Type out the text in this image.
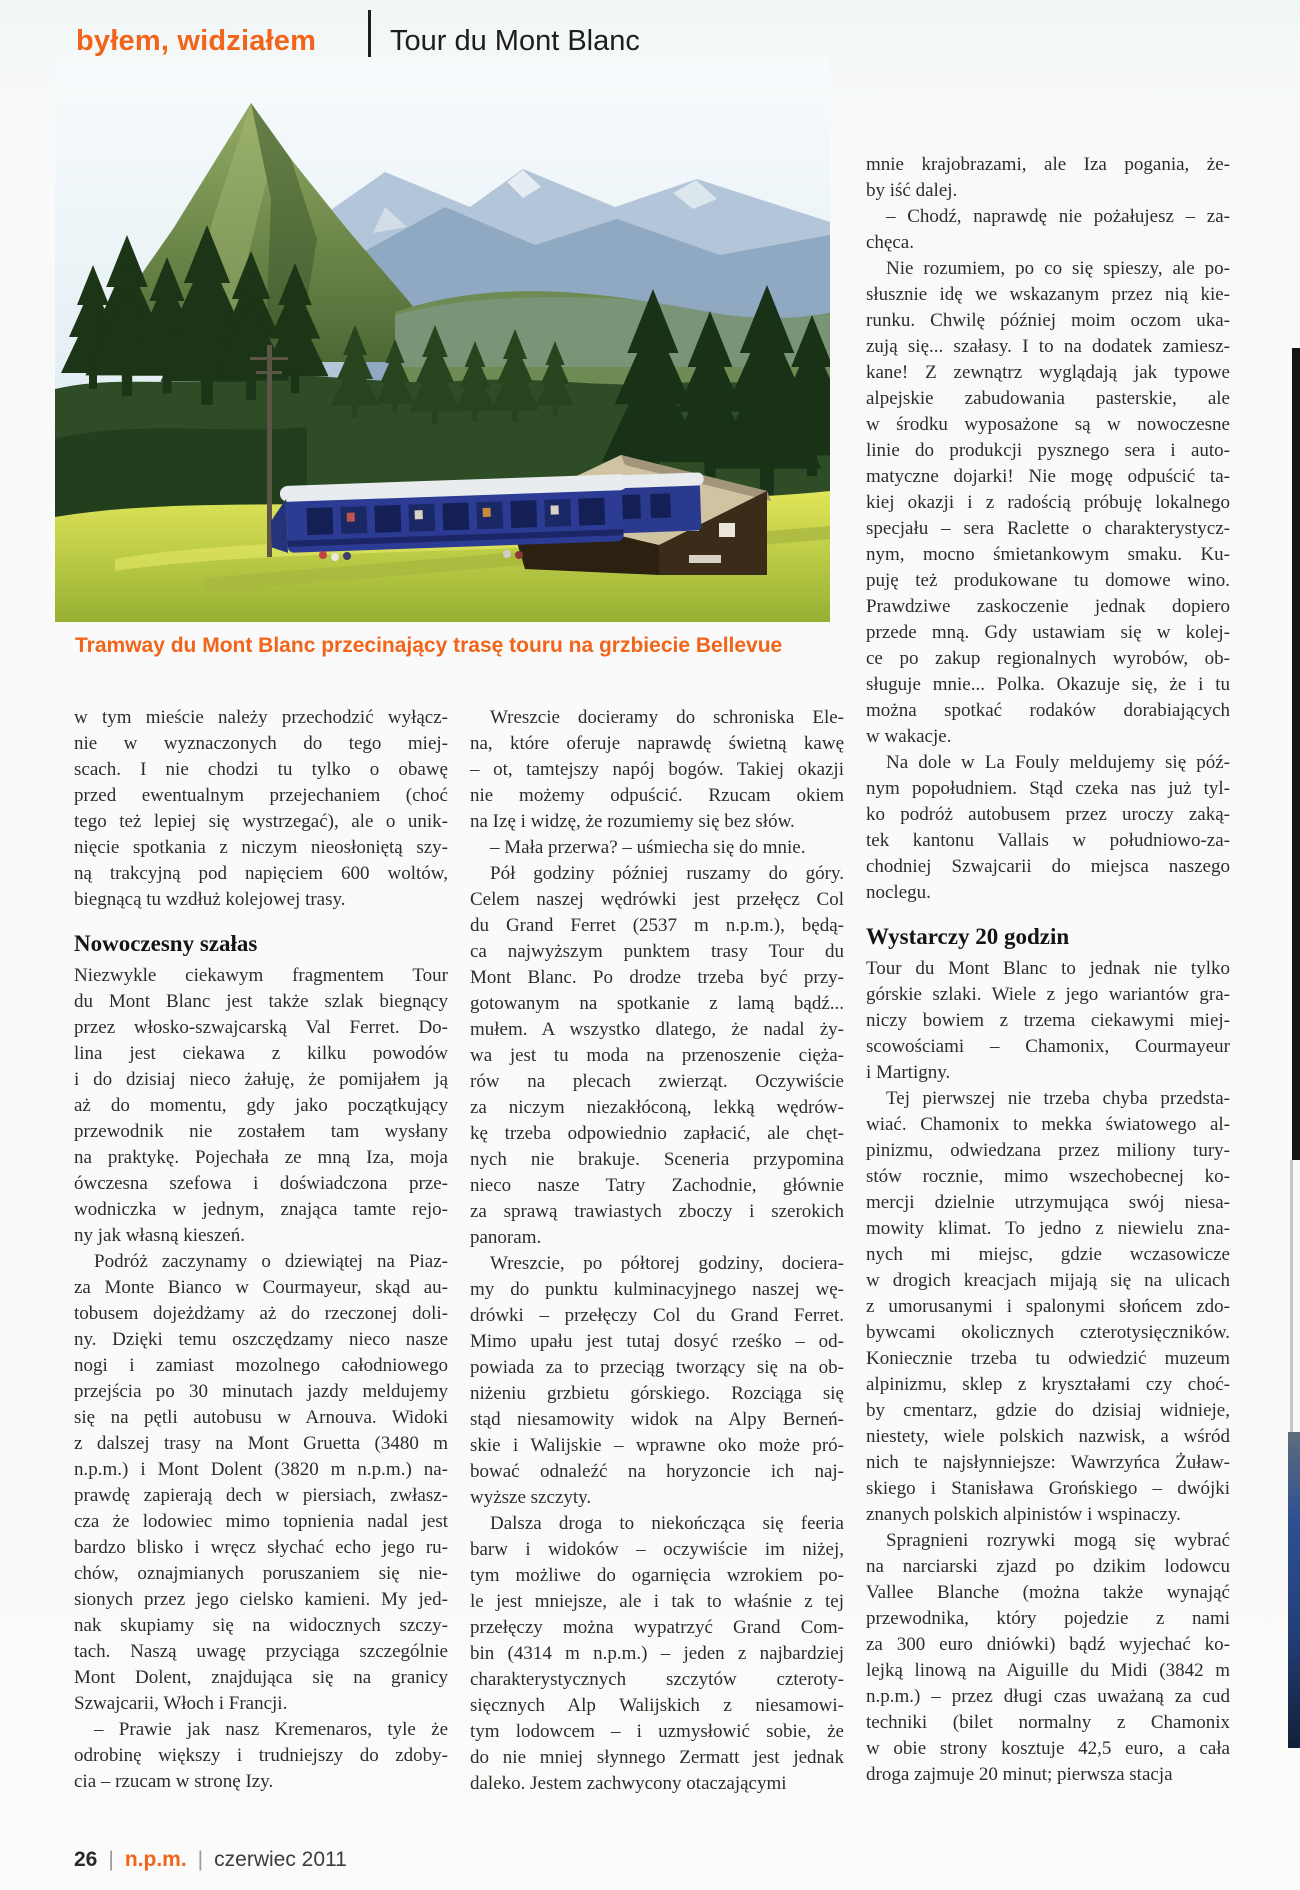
byłem, widziałem	Tour du Mont Blanc
Tramway du Mont Blanc przecinający trasę touru na grzbiecie Bellevue
w tym mieście należy przechodzić wyłącz-
nie w wyznaczonych do tego miej-
scach. I nie chodzi tu tylko o obawę
przed ewentualnym przejechaniem (choć
tego też lepiej się wystrzegać), ale o unik-
nięcie spotkania z niczym nieosłoniętą szy-
ną trakcyjną pod napięciem 600 woltów,
biegnącą tu wzdłuż kolejowej trasy.
Nowoczesny szałas
Niezwykle ciekawym fragmentem Tour
du Mont Blanc jest także szlak biegnący
przez włosko-szwajcarską Val Ferret. Do-
lina jest ciekawa z kilku powodów
i do dzisiaj nieco żałuję, że pomijałem ją
aż do momentu, gdy jako początkujący
przewodnik nie zostałem tam wysłany
na praktykę. Pojechała ze mną Iza, moja
ówczesna szefowa i doświadczona prze-
wodniczka w jednym, znająca tamte rejo-
ny jak własną kieszeń.
Podróż zaczynamy o dziewiątej na Piaz-
za Monte Bianco w Courmayeur, skąd au-
tobusem dojeżdżamy aż do rzeczonej doli-
ny. Dzięki temu oszczędzamy nieco nasze
nogi i zamiast mozolnego całodniowego
przejścia po 30 minutach jazdy meldujemy
się na pętli autobusu w Arnouva. Widoki
z dalszej trasy na Mont Gruetta (3480 m
n.p.m.) i Mont Dolent (3820 m n.p.m.) na-
prawdę zapierają dech w piersiach, zwłasz-
cza że lodowiec mimo topnienia nadal jest
bardzo blisko i wręcz słychać echo jego ru-
chów, oznajmianych poruszaniem się nie-
sionych przez jego cielsko kamieni. My jed-
nak skupiamy się na widocznych szczy-
tach. Naszą uwagę przyciąga szczególnie
Mont Dolent, znajdująca się na granicy
Szwajcarii, Włoch i Francji.
– Prawie jak nasz Kremenaros, tyle że
odrobinę większy i trudniejszy do zdoby-
cia – rzucam w stronę Izy.
Wreszcie docieramy do schroniska Ele-
na, które oferuje naprawdę świetną kawę
– ot, tamtejszy napój bogów. Takiej okazji
nie możemy odpuścić. Rzucam okiem
na Izę i widzę, że rozumiemy się bez słów.
– Mała przerwa? – uśmiecha się do mnie.
Pół godziny później ruszamy do góry.
Celem naszej wędrówki jest przełęcz Col
du Grand Ferret (2537 m n.p.m.), będą-
ca najwyższym punktem trasy Tour du
Mont Blanc. Po drodze trzeba być przy-
gotowanym na spotkanie z lamą bądź...
mułem. A wszystko dlatego, że nadal ży-
wa jest tu moda na przenoszenie cięża-
rów na plecach zwierząt. Oczywiście
za niczym niezakłóconą, lekką wędrów-
kę trzeba odpowiednio zapłacić, ale chęt-
nych nie brakuje. Sceneria przypomina
nieco nasze Tatry Zachodnie, głównie
za sprawą trawiastych zboczy i szerokich
panoram.
Wreszcie, po półtorej godziny, dociera-
my do punktu kulminacyjnego naszej wę-
drówki – przełęczy Col du Grand Ferret.
Mimo upału jest tutaj dosyć rześko – od-
powiada za to przeciąg tworzący się na ob-
niżeniu grzbietu górskiego. Rozciąga się
stąd niesamowity widok na Alpy Berneń-
skie i Walijskie – wprawne oko może pró-
bować odnaleźć na horyzoncie ich naj-
wyższe szczyty.
Dalsza droga to niekończąca się feeria
barw i widoków – oczywiście im niżej,
tym możliwe do ogarnięcia wzrokiem po-
le jest mniejsze, ale i tak to właśnie z tej
przełęczy można wypatrzyć Grand Com-
bin (4314 m n.p.m.) – jeden z najbardziej
charakterystycznych szczytów czteroty-
sięcznych Alp Walijskich z niesamowi-
tym lodowcem – i uzmysłowić sobie, że
do nie mniej słynnego Zermatt jest jednak
daleko. Jestem zachwycony otaczającymi
mnie krajobrazami, ale Iza pogania, że-
by iść dalej.
– Chodź, naprawdę nie pożałujesz – za-
chęca.
Nie rozumiem, po co się spieszy, ale po-
słusznie idę we wskazanym przez nią kie-
runku. Chwilę później moim oczom uka-
zują się... szałasy. I to na dodatek zamiesz-
kane! Z zewnątrz wyglądają jak typowe
alpejskie zabudowania pasterskie, ale
w środku wyposażone są w nowoczesne
linie do produkcji pysznego sera i auto-
matyczne dojarki! Nie mogę odpuścić ta-
kiej okazji i z radością próbuję lokalnego
specjału – sera Raclette o charakterystycz-
nym, mocno śmietankowym smaku. Ku-
puję też produkowane tu domowe wino.
Prawdziwe zaskoczenie jednak dopiero
przede mną. Gdy ustawiam się w kolej-
ce po zakup regionalnych wyrobów, ob-
sługuje mnie... Polka. Okazuje się, że i tu
można spotkać rodaków dorabiających
w wakacje.
Na dole w La Fouly meldujemy się póź-
nym popołudniem. Stąd czeka nas już tyl-
ko podróż autobusem przez uroczy zaką-
tek kantonu Vallais w południowo-za-
chodniej Szwajcarii do miejsca naszego
noclegu.
Wystarczy 20 godzin
Tour du Mont Blanc to jednak nie tylko
górskie szlaki. Wiele z jego wariantów gra-
niczy bowiem z trzema ciekawymi miej-
scowościami – Chamonix, Courmayeur
i Martigny.
Tej pierwszej nie trzeba chyba przedsta-
wiać. Chamonix to mekka światowego al-
pinizmu, odwiedzana przez miliony tury-
stów rocznie, mimo wszechobecnej ko-
mercji dzielnie utrzymująca swój niesa-
mowity klimat. To jedno z niewielu zna-
nych mi miejsc, gdzie wczasowicze
w drogich kreacjach mijają się na ulicach
z umorusanymi i spalonymi słońcem zdo-
bywcami okolicznych czterotysięczników.
Koniecznie trzeba tu odwiedzić muzeum
alpinizmu, sklep z kryształami czy choć-
by cmentarz, gdzie do dzisiaj widnieje,
niestety, wiele polskich nazwisk, a wśród
nich te najsłynniejsze: Wawrzyńca Żuław-
skiego i Stanisława Grońskiego – dwójki
znanych polskich alpinistów i wspinaczy.
Spragnieni rozrywki mogą się wybrać
na narciarski zjazd po dzikim lodowcu
Vallee Blanche (można także wynająć
przewodnika, który pojedzie z nami
za 300 euro dniówki) bądź wyjechać ko-
lejką linową na Aiguille du Midi (3842 m
n.p.m.) – przez długi czas uważaną za cud
techniki (bilet normalny z Chamonix
w obie strony kosztuje 42,5 euro, a cała
droga zajmuje 20 minut; pierwsza stacja
26 | n.p.m. | czerwiec 2011
